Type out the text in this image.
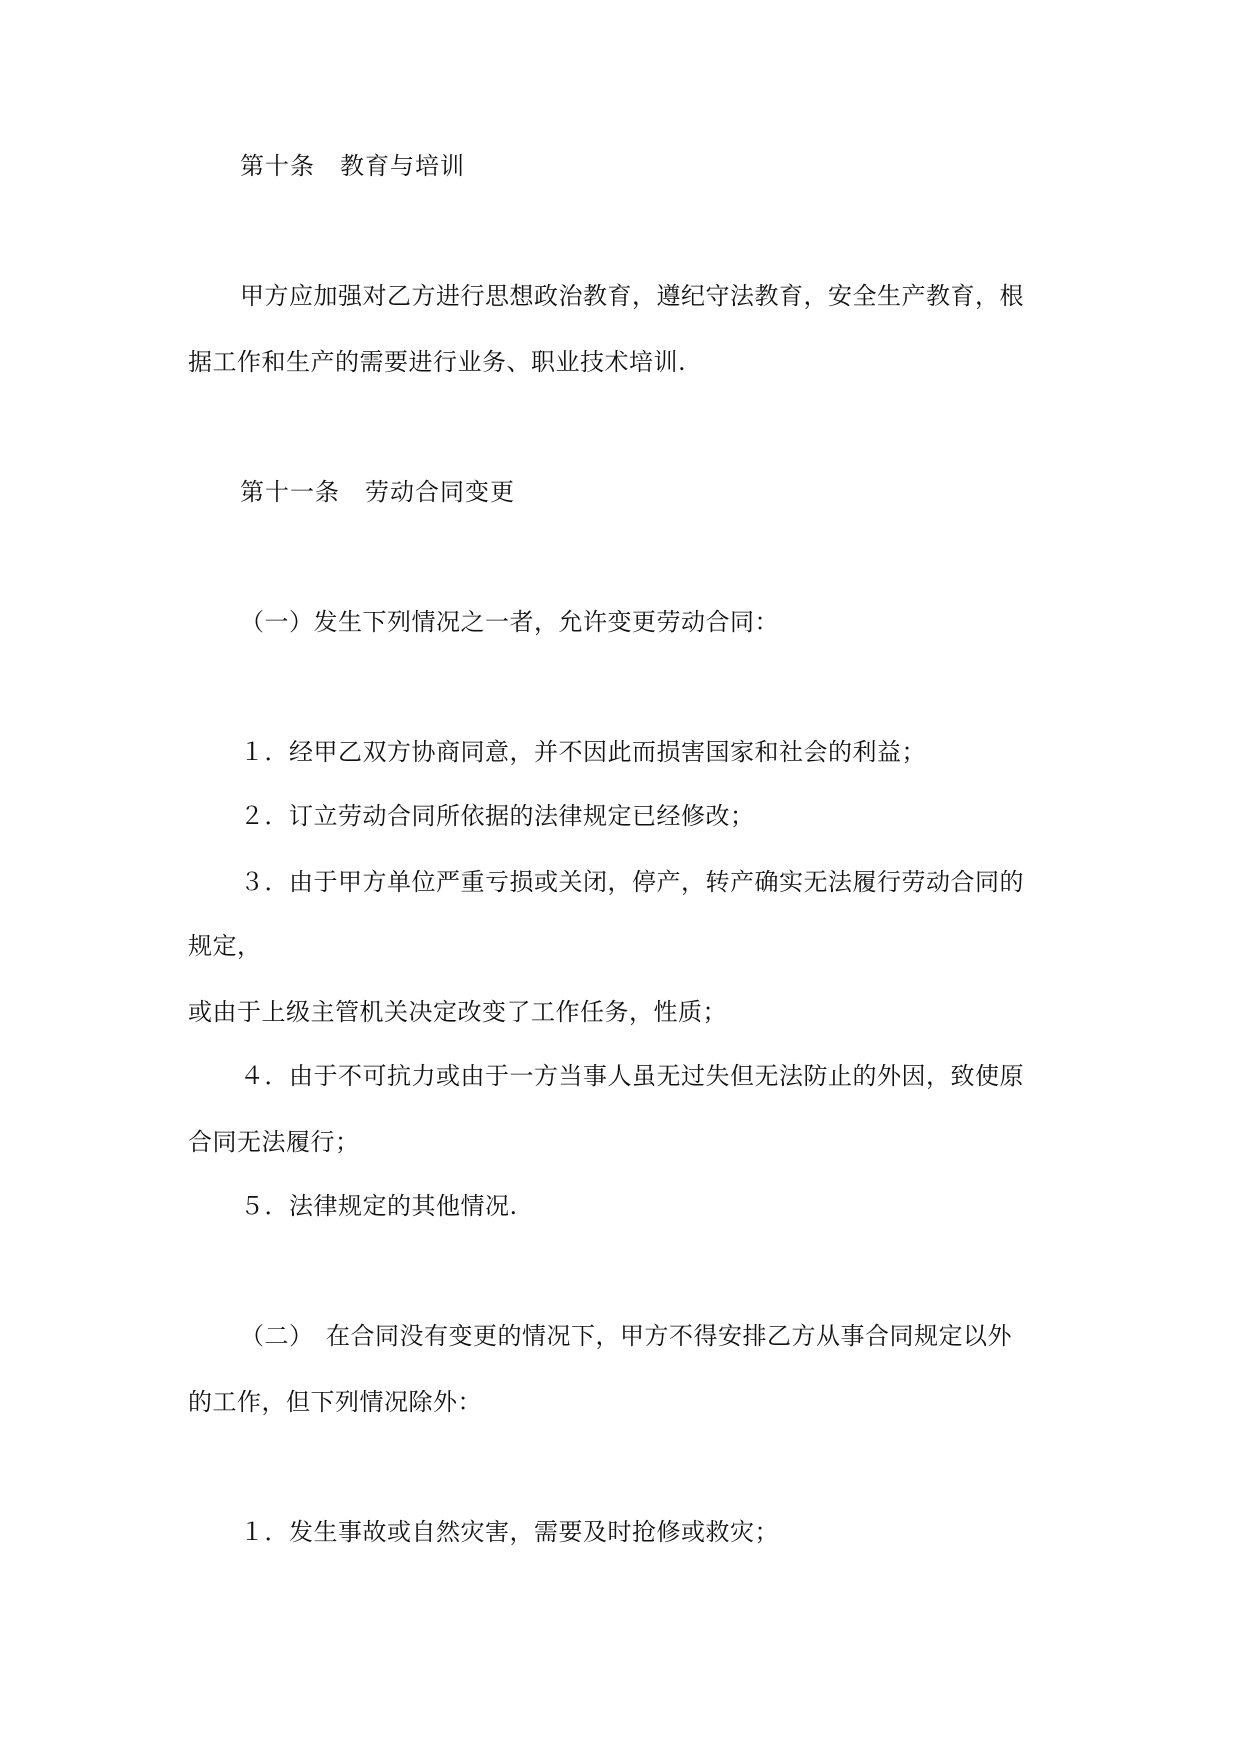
第十条　教育与培训
甲方应加强对乙方进行思想政治教育，遵纪守法教育，安全生产教育，根
据工作和生产的需要进行业务、职业技术培训.
第十一条　劳动合同变更
（一）发生下列情况之一者，允许变更劳动合同：
１．经甲乙双方协商同意，并不因此而损害国家和社会的利益；
２．订立劳动合同所依据的法律规定已经修改；
３．由于甲方单位严重亏损或关闭，停产，转产确实无法履行劳动合同的
规定，
或由于上级主管机关决定改变了工作任务，性质；
４．由于不可抗力或由于一方当事人虽无过失但无法防止的外因，致使原
合同无法履行；
５．法律规定的其他情况.
（二）　在合同没有变更的情况下，甲方不得安排乙方从事合同规定以外
的工作，但下列情况除外：
１．发生事故或自然灾害，需要及时抢修或救灾；
